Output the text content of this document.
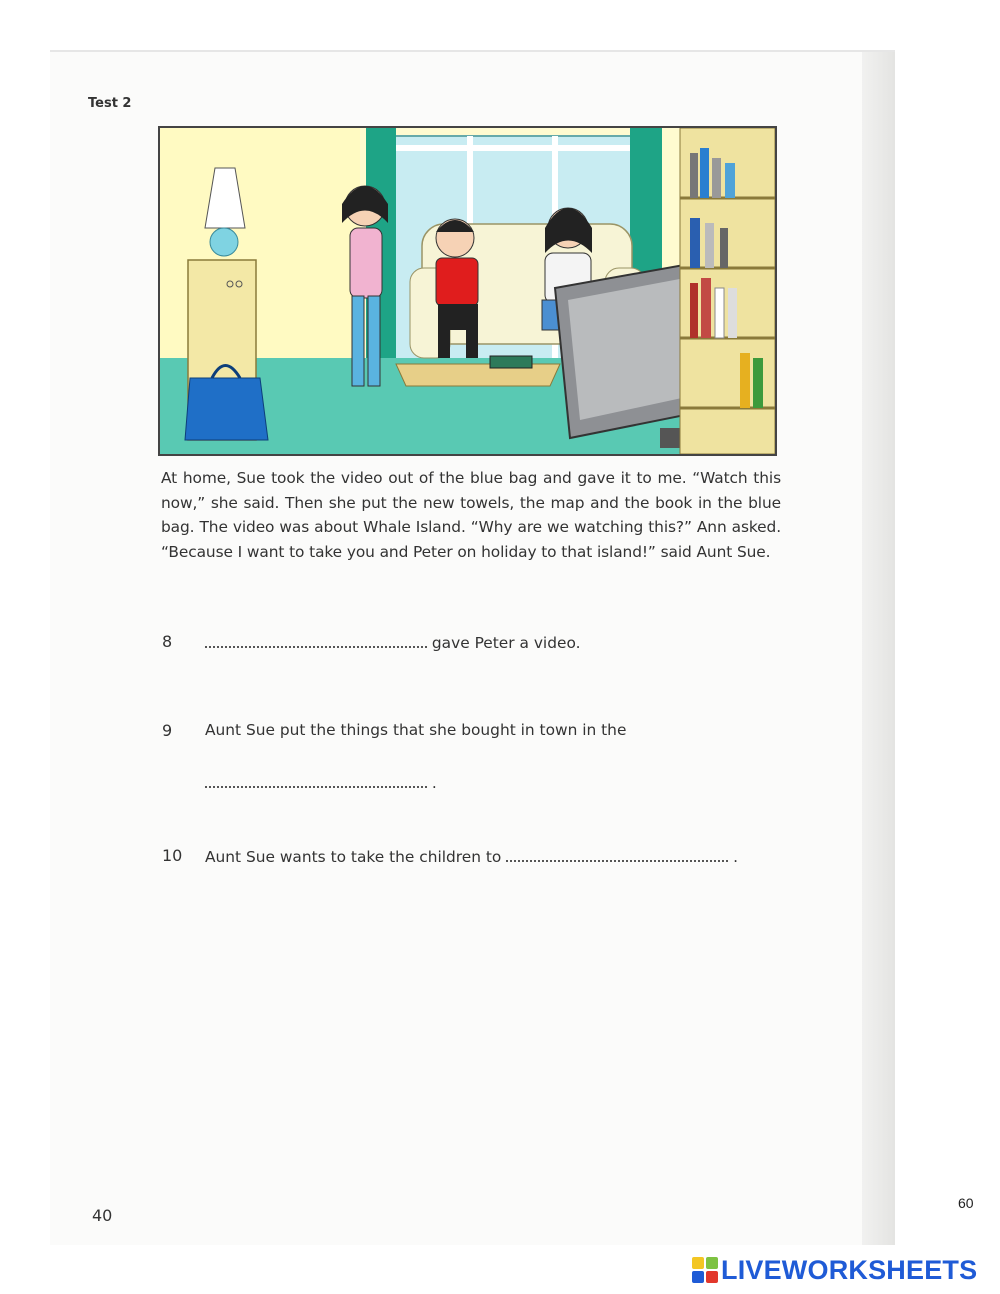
Test 2
At home, Sue took the video out of the blue bag and gave it to me. “Watch this now,” she said. Then she put the new towels, the map and the book in the blue bag. The video was about Whale Island. “Why are we watching this?” Ann asked. “Because I want to take you and Peter on holiday to that island!” said Aunt Sue.
8	gave Peter a video.
9 Aunt Sue put the things that she bought in town in the
.
10 Aunt Sue wants to take the children to	.
40
60
LIVEWORKSHEETS
